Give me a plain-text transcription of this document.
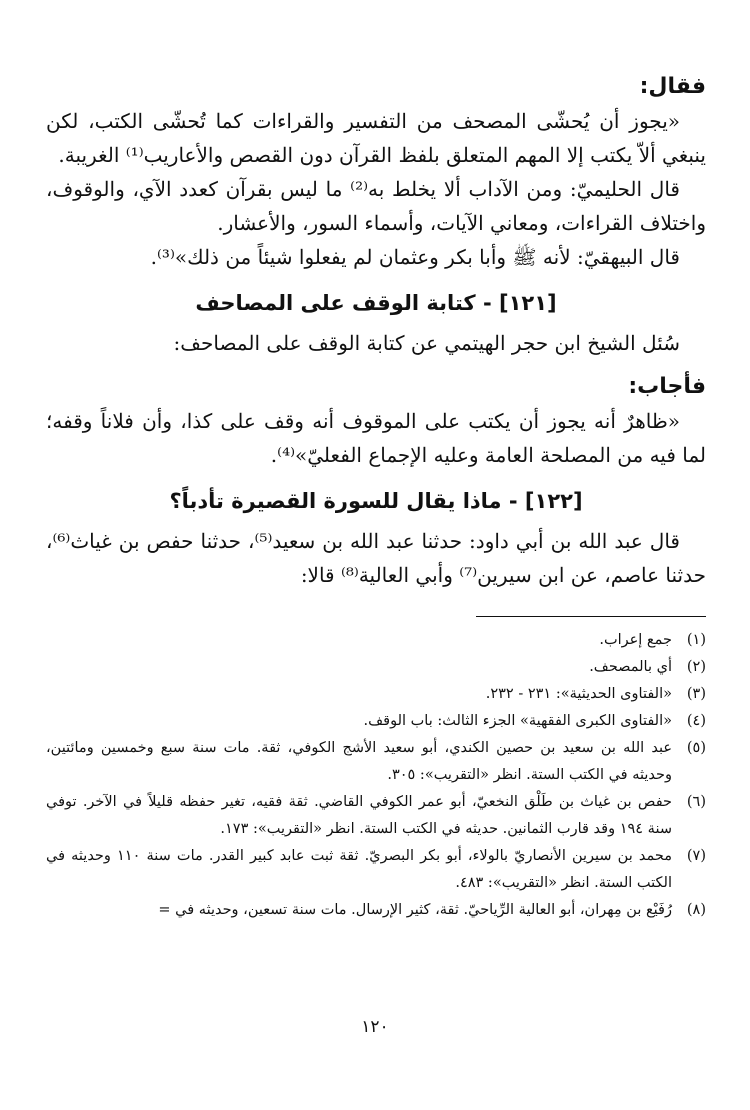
فقال:

«يجوز أن يُحشّى المصحف من التفسير والقراءات كما تُحشّى الكتب، لكن ينبغي ألاّ يكتب إلا المهم المتعلق بلفظ القرآن دون القصص والأعاريب⁽¹⁾ الغريبة.

قال الحليميّ: ومن الآداب ألا يخلط به⁽²⁾ ما ليس بقرآن كعدد الآي، والوقوف، واختلاف القراءات، ومعاني الآيات، وأسماء السور، والأعشار.

قال البيهقيّ: لأنه ﷺ وأبا بكر وعثمان لم يفعلوا شيئاً من ذلك»⁽³⁾.

[١٢١] - كتابة الوقف على المصاحف

سُئل الشيخ ابن حجر الهيتمي عن كتابة الوقف على المصاحف:

فأجاب:

«ظاهرٌ أنه يجوز أن يكتب على الموقوف أنه وقف على كذا، وأن فلاناً وقفه؛ لما فيه من المصلحة العامة وعليه الإجماع الفعليّ»⁽⁴⁾.

[١٢٢] - ماذا يقال للسورة القصيرة تأدباً؟

قال عبد الله بن أبي داود: حدثنا عبد الله بن سعيد⁽⁵⁾، حدثنا حفص بن غياث⁽⁶⁾، حدثنا عاصم، عن ابن سيرين⁽⁷⁾ وأبي العالية⁽⁸⁾ قالا:

(١)
جمع إعراب.
(٢)
أي بالمصحف.
(٣)
«الفتاوى الحديثية»: ٢٣١ - ٢٣٢.
(٤)
«الفتاوى الكبرى الفقهية» الجزء الثالث: باب الوقف.
(٥)
عبد الله بن سعيد بن حصين الكندي، أبو سعيد الأشج الكوفي، ثقة. مات سنة سبع وخمسين ومائتين، وحديثه في الكتب الستة. انظر «التقريب»: ٣٠٥.
(٦)
حفص بن غياث بن طَلْق النخعيّ، أبو عمر الكوفي القاضي. ثقة فقيه، تغير حفظه قليلاً في الآخر. توفي سنة ١٩٤ وقد قارب الثمانين. حديثه في الكتب الستة. انظر «التقريب»: ١٧٣.
(٧)
محمد بن سيرين الأنصاريّ بالولاء، أبو بكر البصريّ. ثقة ثبت عابد كبير القدر. مات سنة ١١٠ وحديثه في الكتب الستة. انظر «التقريب»: ٤٨٣.
(٨)
رُفَيْع بن مِهران، أبو العالية الرِّياحيّ. ثقة، كثير الإرسال. مات سنة تسعين، وحديثه في =
١٢٠
